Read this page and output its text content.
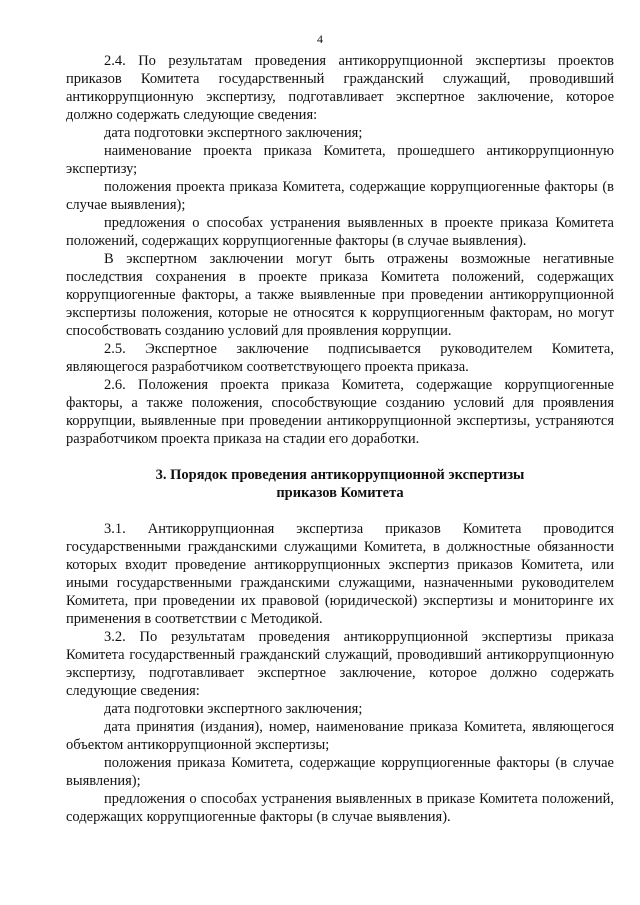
4

2.4. По результатам проведения антикоррупционной экспертизы проектов приказов Комитета государственный гражданский служащий, проводивший антикоррупционную экспертизу, подготавливает экспертное заключение, которое должно содержать следующие сведения:

дата подготовки экспертного заключения;

наименование проекта приказа Комитета, прошедшего антикоррупционную экспертизу;

положения проекта приказа Комитета, содержащие коррупциогенные факторы (в случае выявления);

предложения о способах устранения выявленных в проекте приказа Комитета положений, содержащих коррупциогенные факторы (в случае выявления).

В экспертном заключении могут быть отражены возможные негативные последствия сохранения в проекте приказа Комитета положений, содержащих коррупциогенные факторы, а также выявленные при проведении антикоррупционной экспертизы положения, которые не относятся к коррупциогенным факторам, но могут способствовать созданию условий для проявления коррупции.

2.5. Экспертное заключение подписывается руководителем Комитета, являющегося разработчиком соответствующего проекта приказа.

2.6. Положения проекта приказа Комитета, содержащие коррупциогенные факторы, а также положения, способствующие созданию условий для проявления коррупции, выявленные при проведении антикоррупционной экспертизы, устраняются разработчиком проекта приказа на стадии его доработки.

3. Порядок проведения антикоррупционной экспертизы

приказов Комитета

3.1. Антикоррупционная экспертиза приказов Комитета проводится государственными гражданскими служащими Комитета, в должностные обязанности которых входит проведение антикоррупционных экспертиз приказов Комитета, или иными государственными гражданскими служащими, назначенными руководителем Комитета, при проведении их правовой (юридической) экспертизы и мониторинге их применения в соответствии с Методикой.

3.2. По результатам проведения антикоррупционной экспертизы приказа Комитета государственный гражданский служащий, проводивший антикоррупционную экспертизу, подготавливает экспертное заключение, которое должно содержать следующие сведения:

дата подготовки экспертного заключения;

дата принятия (издания), номер, наименование приказа Комитета, являющегося объектом антикоррупционной экспертизы;

положения приказа Комитета, содержащие коррупциогенные факторы (в случае выявления);

предложения о способах устранения выявленных в приказе Комитета положений, содержащих коррупциогенные факторы (в случае выявления).
